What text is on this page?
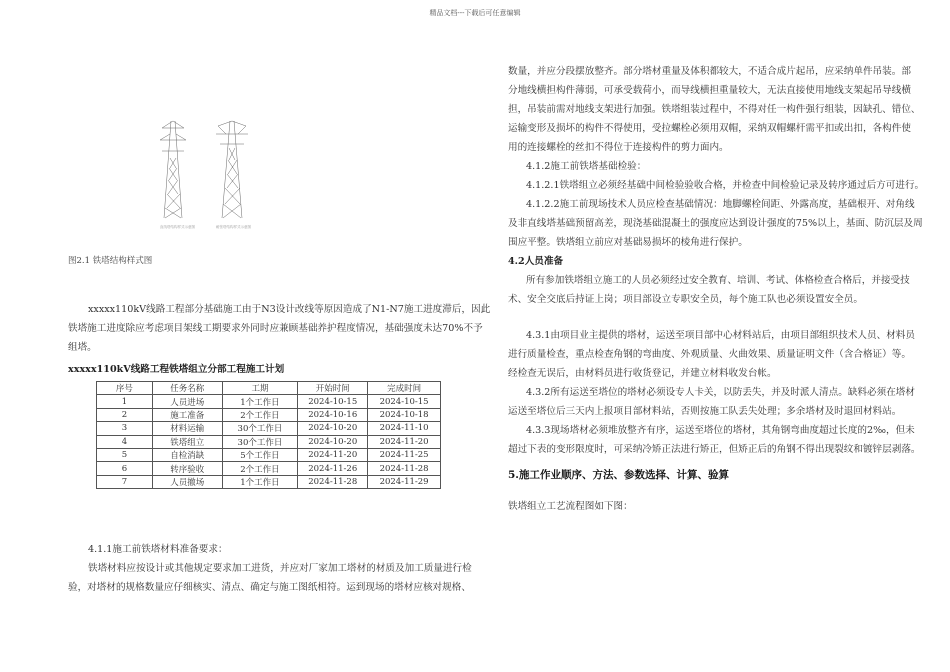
精品文档---下载后可任意编辑
直线塔结构样式示意图	耐张塔结构样式示意图
图2.1 铁塔结构样式图
xxxxx110kV线路工程部分基础施工由于N3设计改线等原因造成了N1-N7施工进度滞后，因此
铁塔施工进度除应考虑项目架线工期要求外同时应兼顾基础养护程度情况，基础强度未达70%不予
组塔。
xxxxx110kV线路工程铁塔组立分部工程施工计划
序号	任务名称	工期	开始时间	完成时间
1	人员进场	1个工作日	2024-10-15	2024-10-15
2	施工准备	2个工作日	2024-10-16	2024-10-18
3	材料运输	30个工作日	2024-10-20	2024-11-10
4	铁塔组立	30个工作日	2024-10-20	2024-11-20
5	自检消缺	5个工作日	2024-11-20	2024-11-25
6	转序验收	2个工作日	2024-11-26	2024-11-28
7	人员撤场	1个工作日	2024-11-28	2024-11-29
4.1.1施工前铁塔材料准备要求：
铁塔材料应按设计或其他规定要求加工进货，并应对厂家加工塔材的材质及加工质量进行检
验，对塔材的规格数量应仔细核实、清点、确定与施工图纸相符。运到现场的塔材应核对规格、
数量，并应分段摆放整齐。部分塔材重量及体积都较大，不适合成片起吊，应采纳单件吊装。部
分地线横担构件薄弱，可承受载荷小，而导线横担重量较大，无法直接使用地线支架起吊导线横
担，吊装前需对地线支架进行加强。铁塔组装过程中，不得对任一构件强行组装，因缺孔、错位、
运输变形及损坏的构件不得使用，受拉螺栓必须用双帽，采纳双帽螺杆需平扣或出扣，各构件使
用的连接螺栓的丝扣不得位于连接构件的剪力面内。
4.1.2施工前铁塔基础检验：
4.1.2.1铁塔组立必须经基础中间检验验收合格，并检查中间检验记录及转序通过后方可进行。
4.1.2.2施工前现场技术人员应检查基础情况：地脚螺栓间距、外露高度，基础根开、对角线
及非直线塔基础预留高差，现浇基础混凝土的强度应达到设计强度的75%以上，基面、防沉层及周
围应平整。铁塔组立前应对基础易损坏的棱角进行保护。
4.2人员准备
所有参加铁塔组立施工的人员必须经过安全教育、培训、考试、体格检查合格后，并接受技
术、安全交底后持证上岗；项目部设立专职安全员，每个施工队也必须设置安全员。
4.3.1由项目业主提供的塔材，运送至项目部中心材料站后，由项目部组织技术人员、材料员
进行质量检查，重点检查角钢的弯曲度、外观质量、火曲效果、质量证明文件（含合格证）等。
经检查无误后，由材料员进行收货登记，并建立材料收发台帐。
4.3.2所有运送至塔位的塔材必须设专人卡关，以防丢失，并及时派人清点。缺料必须在塔材
运送至塔位后三天内上报项目部材料站，否则按施工队丢失处理；多余塔材及时退回材料站。
4.3.3现场塔材必须堆放整齐有序，运送至塔位的塔材，其角钢弯曲度超过长度的2‰，但未
超过下表的变形限度时，可采纳冷矫正法进行矫正，但矫正后的角钢不得出现裂纹和镀锌层剥落。
5.施工作业顺序、方法、参数选择、计算、验算
铁塔组立工艺流程图如下图：
